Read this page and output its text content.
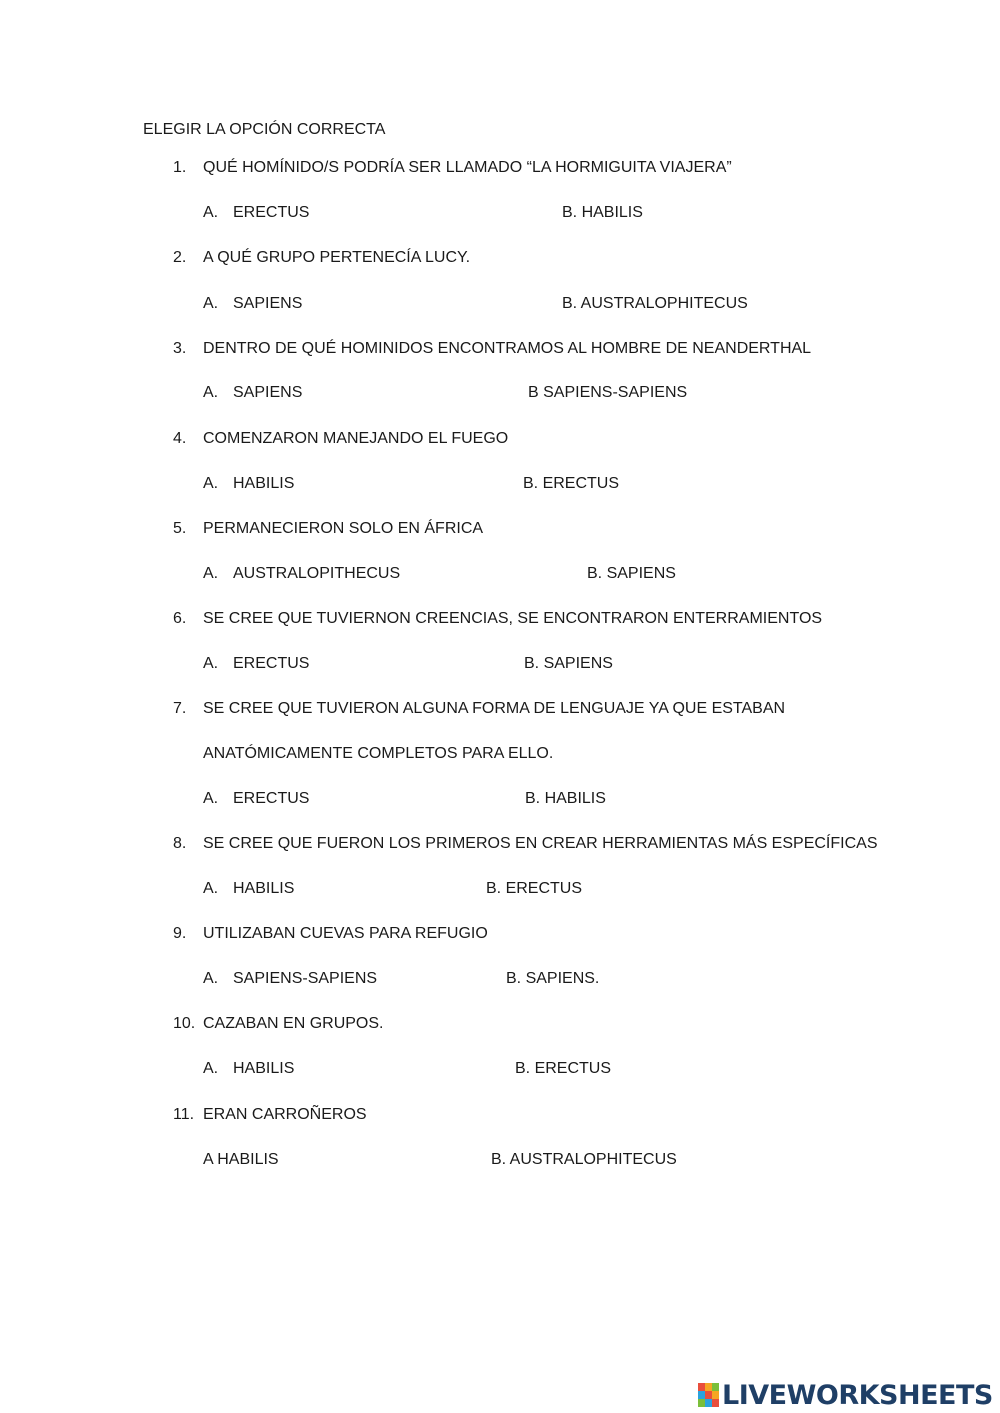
ELEGIR LA OPCIÓN CORRECTA
1. QUÉ HOMÍNIDO/S PODRÍA SER LLAMADO “LA HORMIGUITA VIAJERA”
A. ERECTUS	B. HABILIS
2. A QUÉ GRUPO PERTENECÍA LUCY.
A. SAPIENS	B. AUSTRALOPHITECUS
3. DENTRO DE QUÉ HOMINIDOS ENCONTRAMOS AL HOMBRE DE NEANDERTHAL
A. SAPIENS	B SAPIENS-SAPIENS
4. COMENZARON MANEJANDO EL FUEGO
A. HABILIS	B. ERECTUS
5. PERMANECIERON SOLO EN ÁFRICA
A. AUSTRALOPITHECUS	B. SAPIENS
6. SE CREE QUE TUVIERNON CREENCIAS, SE ENCONTRARON ENTERRAMIENTOS
A. ERECTUS	B. SAPIENS
7. SE CREE QUE TUVIERON ALGUNA FORMA DE LENGUAJE YA QUE ESTABAN
ANATÓMICAMENTE COMPLETOS PARA ELLO.
A. ERECTUS	B. HABILIS
8. SE CREE QUE FUERON LOS PRIMEROS EN CREAR HERRAMIENTAS MÁS ESPECÍFICAS
A. HABILIS	B. ERECTUS
9. UTILIZABAN CUEVAS PARA REFUGIO
A. SAPIENS-SAPIENS	B. SAPIENS.
10. CAZABAN EN GRUPOS.
A. HABILIS	B. ERECTUS
11. ERAN CARROÑEROS
A HABILIS	B. AUSTRALOPHITECUS
LIVEWORKSHEETS
